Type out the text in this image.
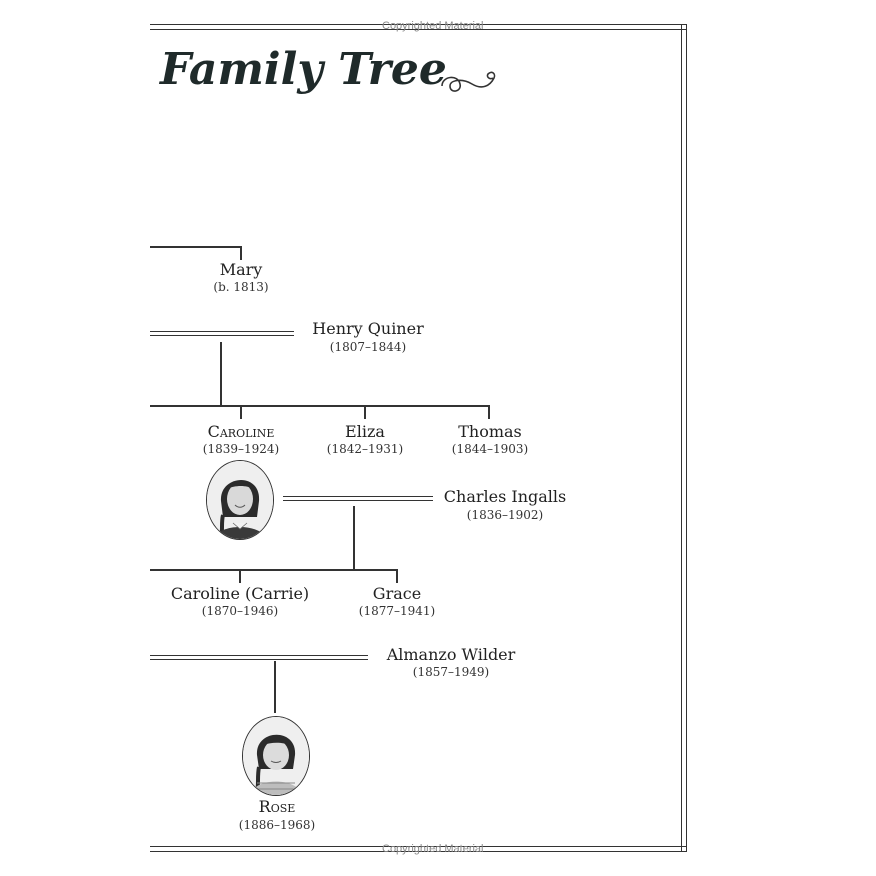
Copyrighted Material
Copyrighted Material
Family Tree
Mary
(b. 1813)
Henry Quiner
(1807–1844)
Caroline
(1839–1924)
Eliza
(1842–1931)
Thomas
(1844–1903)
Charles Ingalls
(1836–1902)
Caroline (Carrie)
(1870–1946)
Grace
(1877–1941)
Almanzo Wilder
(1857–1949)
Rose
(1886–1968)
